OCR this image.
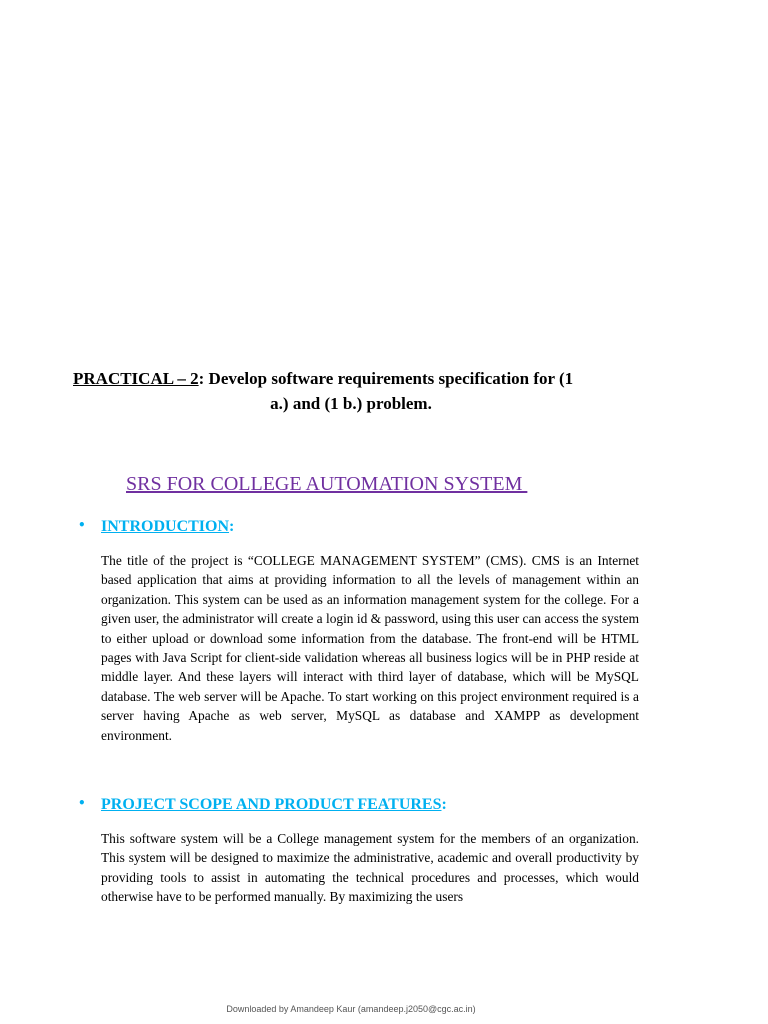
PRACTICAL – 2: Develop software requirements specification for (1
a.) and (1 b.) problem.
SRS FOR COLLEGE AUTOMATION SYSTEM
• INTRODUCTION:

The title of the project is “COLLEGE MANAGEMENT SYSTEM” (CMS). CMS is an Internet based application that aims at providing information to all the levels of management within an organization. This system can be used as an information management system for the college. For a given user, the administrator will create a login id & password, using this user can access the system to either upload or download some information from the database. The front-end will be HTML pages with Java Script for client-side validation whereas all business logics will be in PHP reside at middle layer. And these layers will interact with third layer of database, which will be MySQL database. The web server will be Apache. To start working on this project environment required is a server having Apache as web server, MySQL as database and XAMPP as development environment.

• PROJECT SCOPE AND PRODUCT FEATURES:

This software system will be a College management system for the members of an organization. This system will be designed to maximize the administrative, academic and overall productivity by providing tools to assist in automating the technical procedures and processes, which would otherwise have to be performed manually. By maximizing the users

Downloaded by Amandeep Kaur (amandeep.j2050@cgc.ac.in)
